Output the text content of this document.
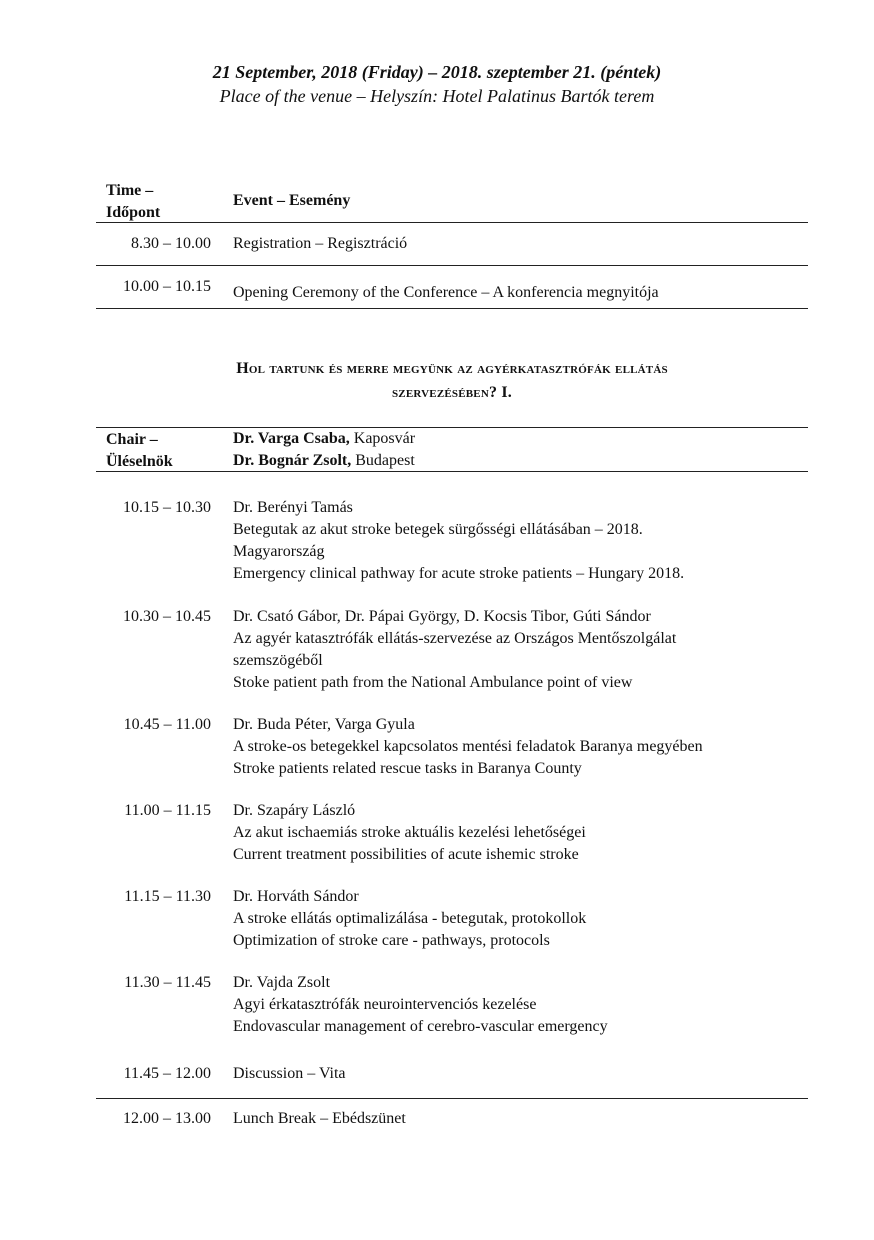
21 September, 2018 (Friday) – 2018. szeptember 21. (péntek)
Place of the venue – Helyszín: Hotel Palatinus Bartók terem
Time –
Időpont
Event – Esemény
8.30 – 10.00 Registration – Regisztráció
10.00 – 10.15 Opening Ceremony of the Conference – A konferencia megnyitója
Hol tartunk és merre megyünk az agyérkatasztrófák ellátás
szervezésében? I.
Chair –
Üléselnök
Dr. Varga Csaba, Kaposvár
Dr. Bognár Zsolt, Budapest
10.15 – 10.30 Dr. Berényi Tamás
Betegutak az akut stroke betegek sürgősségi ellátásában – 2018.
Magyarország
Emergency clinical pathway for acute stroke patients – Hungary 2018.
10.30 – 10.45 Dr. Csató Gábor, Dr. Pápai György, D. Kocsis Tibor, Gúti Sándor
Az agyér katasztrófák ellátás-szervezése az Országos Mentőszolgálat
szemszögéből
Stoke patient path from the National Ambulance point of view
10.45 – 11.00 Dr. Buda Péter, Varga Gyula
A stroke-os betegekkel kapcsolatos mentési feladatok Baranya megyében
Stroke patients related rescue tasks in Baranya County
11.00 – 11.15 Dr. Szapáry László
Az akut ischaemiás stroke aktuális kezelési lehetőségei
Current treatment possibilities of acute ishemic stroke
11.15 – 11.30 Dr. Horváth Sándor
A stroke ellátás optimalizálása - betegutak, protokollok
Optimization of stroke care - pathways, protocols
11.30 – 11.45 Dr. Vajda Zsolt
Agyi érkatasztrófák neurointervenciós kezelése
Endovascular management of cerebro-vascular emergency
11.45 – 12.00 Discussion – Vita
12.00 – 13.00 Lunch Break – Ebédszünet
